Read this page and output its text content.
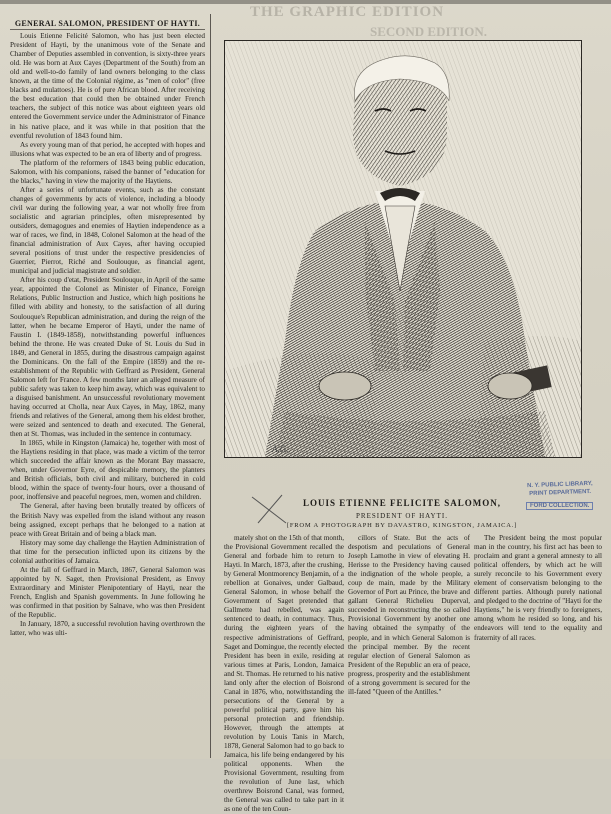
THE GRAPHIC EDITION
SECOND EDITION.
GENERAL SALOMON, PRESIDENT OF HAYTI.

Louis Etienne Felicité Salomon, who has just been elected President of Hayti, by the unanimous vote of the Senate and Chamber of Deputies assembled in convention, is sixty-three years old. He was born at Aux Cayes (Department of the South) from an old and well-to-do family of land owners belonging to the class known, at the time of the Colonial régime, as "men of color" (free blacks and mulattoes). He is of pure African blood. After receiving the best education that could then be obtained under French teachers, the subject of this notice was about eighteen years old entered the Government service under the Administrator of Finance in his native place, and it was while in that position that the eventful revolution of 1843 found him.

As every young man of that period, he accepted with hopes and illusions what was expected to be an era of liberty and of progress.

The platform of the reformers of 1843 being public education, Salomon, with his companions, raised the banner of "education for the blacks," having in view the majority of the Haytiens.

After a series of unfortunate events, such as the constant changes of governments by acts of violence, including a bloody civil war during the following year, a war not wholly free from socialistic and agrarian principles, often misrepresented by outsiders, demagogues and enemies of Haytien independence as a war of races, we find, in 1848, Colonel Salomon at the head of the financial administration of Aux Cayes, after having occupied several positions of trust under the respective presidencies of Guerrier, Pierrot, Riché and Soulouque, as financial agent, municipal and judicial magistrate and soldier.

After his coup d'etat, President Soulouque, in April of the same year, appointed the Colonel as Minister of Finance, Foreign Relations, Public Instruction and Justice, which high positions he filled with ability and honesty, to the satisfaction of all during Soulouque's Republican administration, and during the reign of the latter, when he became Emperor of Hayti, under the name of Faustin I. (1849-1858), notwithstanding powerful influences behind the throne. He was created Duke of St. Louis du Sud in 1849, and General in 1855, during the disastrous campaign against the Dominicans. On the fall of the Empire (1859) and the re-establishment of the Republic with Geffrard as President, General Salomon left for France. A few months later an alleged measure of public safety was taken to keep him away, which was equivalent to a disguised banishment. An unsuccessful revolutionary movement having occurred at Cholla, near Aux Cayes, in May, 1862, many friends and relatives of the General, among them his eldest brother, were seized and sentenced to death and executed. The General, then at St. Thomas, was included in the sentence in contumacy.

In 1865, while in Kingston (Jamaica) he, together with most of the Haytiens residing in that place, was made a victim of the terror which succeeded the affair known as the Morant Bay massacre, when, under Governor Eyre, of despicable memory, the planters and British officials, both civil and military, butchered in cold blood, within the space of twenty-four hours, over a thousand of poor, inoffensive and peaceful negroes, men, women and children.

The General, after having been brutally treated by officers of the British Navy was expelled from the island without any reason being assigned, except perhaps that he belonged to a nation at peace with Great Britain and of being a black man.

History may some day challenge the Haytien Administration of that time for the persecution inflicted upon its citizens by the colonial authorities of Jamaica.

At the fall of Geffrard in March, 1867, General Salomon was appointed by N. Saget, then Provisional President, as Envoy Extraordinary and Minister Plenipotentiary of Hayti, near the French, English and Spanish governments. In June following he was confirmed in that position by Salnave, who was then President of the Republic.

In January, 1870, a successful revolution having overthrown the latter, who was ulti-

A.G.
LOUIS ETIENNE FELICITE SALOMON,
PRESIDENT OF HAYTI.
[FROM A PHOTOGRAPH BY DAVASTRO, KINGSTON, JAMAICA.]
N. Y. PUBLIC LIBRARY,
PRINT DEPARTMENT.
FORD COLLECTION.

mately shot on the 15th of that month, the Provisional Government recalled the General and forbade him to return to Hayti. In March, 1873, after the crushing, by General Montmorency Benjamin, of a rebellion at Gonaives, under Galbaud, General Salomon, in whose behalf the Government of Saget pretended that Gallmette had rebelled, was again sentenced to death, in contumacy. Thus, during the eighteen years of the respective administrations of Geffrard, Saget and Domingue, the recently elected President has been in exile, residing at various times at Paris, London, Jamaica and St. Thomas. He returned to his native land only after the election of Boisrond Canal in 1876, who, notwithstanding the persecutions of the General by a powerful political party, gave him his personal protection and friendship. However, through the attempts at revolution by Louis Tanis in March, 1878, General Salomon had to go back to Jamaica, his life being endangered by his political opponents. When the Provisional Government, resulting from the revolution of June last, which overthrew Boisrond Canal, was formed, the General was called to take part in it as one of the ten Coun-

cillors of State. But the acts of despotism and peculations of General Joseph Lamothe in view of elevating H. Herisse to the Presidency having caused the indignation of the whole people, a coup de main, made by the Military Governor of Port au Prince, the brave and gallant General Richelieu Duperval, succeeded in reconstructing the so called Provisional Government by another one having obtained the sympathy of the people, and in which General Salomon is the principal member. By the recent regular election of General Salomon as President of the Republic an era of peace, progress, prosperity and the establishment of a strong government is secured for the ill-fated "Queen of the Antilles."

The President being the most popular man in the country, his first act has been to proclaim and grant a general amnesty to all political offenders, by which act he will surely reconcile to his Government every element of conservatism belonging to the different parties. Although purely national and pledged to the doctrine of "Hayti for the Haytiens," he is very friendly to foreigners, among whom he resided so long, and his endeavors will tend to the equality and fraternity of all races.
